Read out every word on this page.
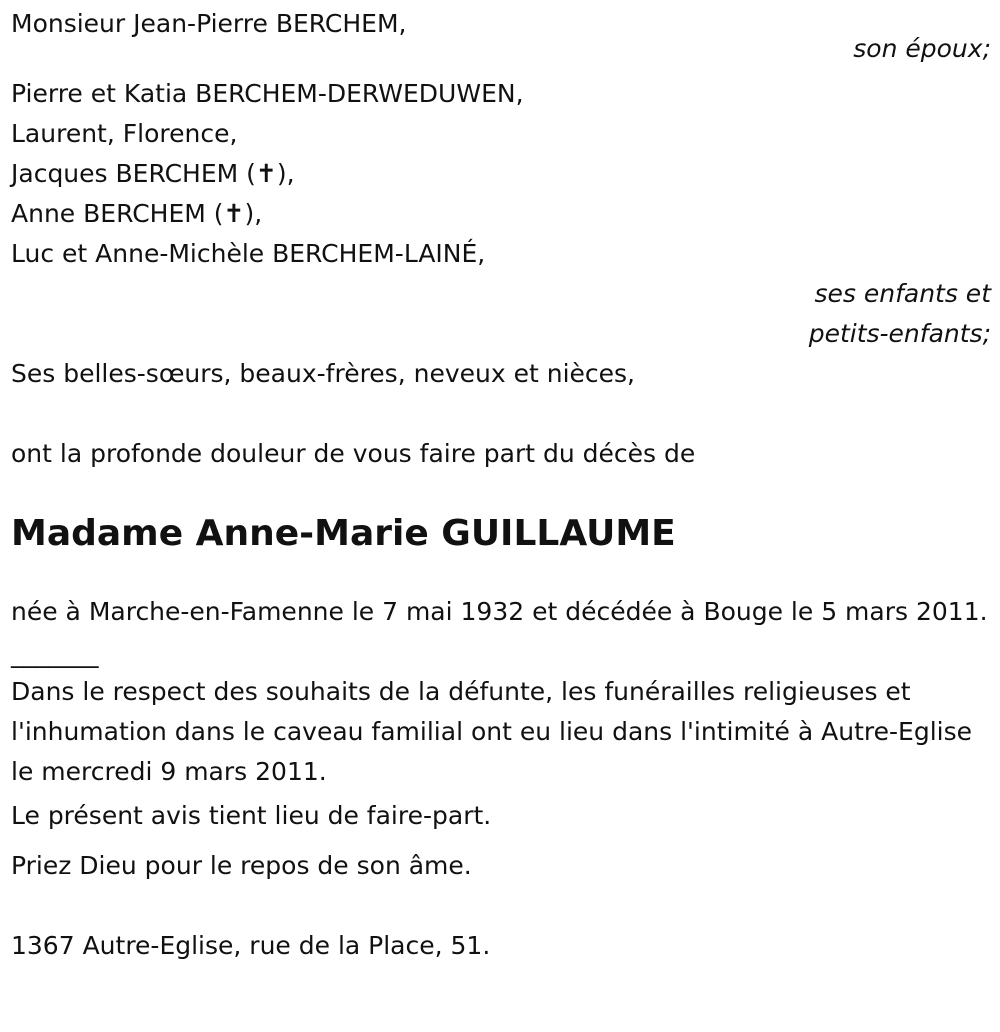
Monsieur Jean-Pierre BERCHEM,
son époux;
Pierre et Katia BERCHEM-DERWEDUWEN,
Laurent, Florence,
Jacques BERCHEM (✝),
Anne BERCHEM (✝),
Luc et Anne-Michèle BERCHEM-LAINÉ,
ses enfants et
petits-enfants;
Ses belles-sœurs, beaux-frères, neveux et nièces,
ont la profonde douleur de vous faire part du décès de
Madame Anne-Marie GUILLAUME
née à Marche-en-Famenne le 7 mai 1932 et décédée à Bouge le 5 mars 2011.
_______
Dans le respect des souhaits de la défunte, les funérailles religieuses et l'inhumation dans le caveau familial ont eu lieu dans l'intimité à Autre-Eglise le mercredi 9 mars 2011.
Le présent avis tient lieu de faire-part.
Priez Dieu pour le repos de son âme.
1367 Autre-Eglise, rue de la Place, 51.
